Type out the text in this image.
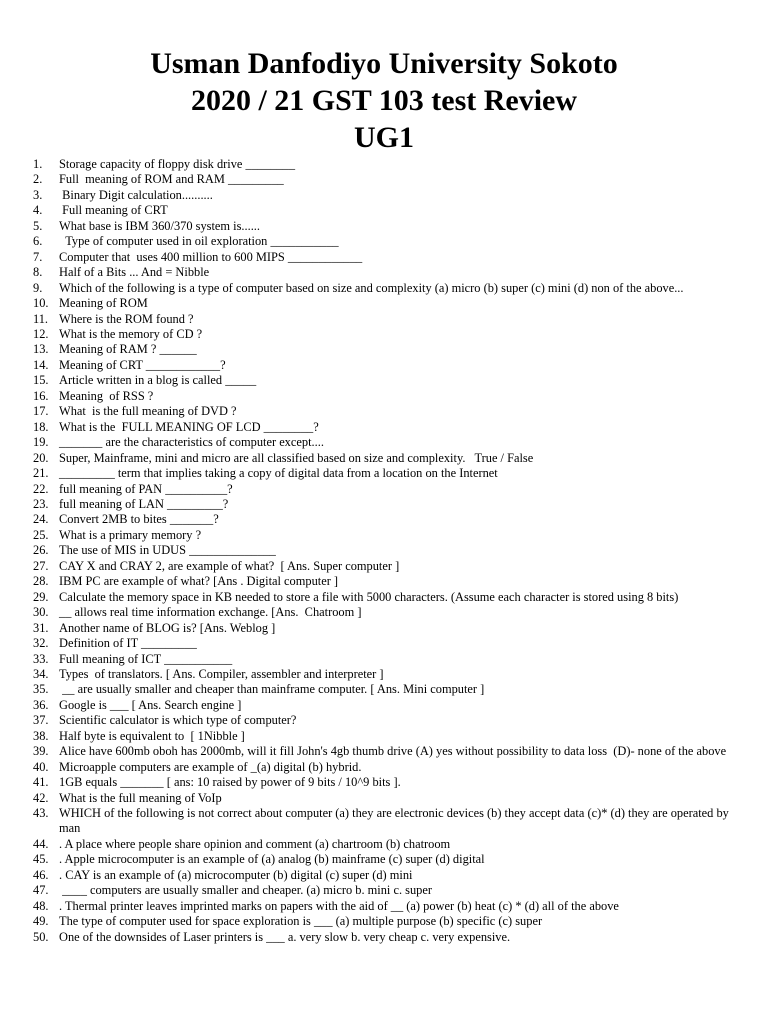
Usman Danfodiyo University Sokoto
2020 / 21 GST 103 test Review
UG1
1.	Storage capacity of floppy disk drive ________
2.	Full  meaning of ROM and RAM _________
3.	Binary Digit calculation..........
4.	Full meaning of CRT
5.	What base is IBM 360/370 system is......
6.	Type of computer used in oil exploration ___________
7.	Computer that  uses 400 million to 600 MIPS ____________
8.	Half of a Bits ... And = Nibble
9.	Which of the following is a type of computer based on size and complexity (a) micro (b) super (c) mini (d) non of the above...
10. Meaning of ROM
11. Where is the ROM found ?
12. What is the memory of CD ?
13. Meaning of RAM ? ______
14. Meaning of CRT ____________?
15. Article written in a blog is called _____
16. Meaning  of RSS ?
17. What  is the full meaning of DVD ?
18. What is the  FULL MEANING OF LCD ________?
19. _______ are the characteristics of computer except....
20. Super, Mainframe, mini and micro are all classified based on size and complexity.   True / False
21. _________ term that implies taking a copy of digital data from a location on the Internet
22. full meaning of PAN __________?
23. full meaning of LAN _________?
24. Convert 2MB to bites _______?
25. What is a primary memory ?
26. The use of MIS in UDUS ______________
27. CAY X and CRAY 2, are example of what?  [ Ans. Super computer ]
28. IBM PC are example of what? [Ans . Digital computer ]
29. Calculate the memory space in KB needed to store a file with 5000 characters. (Assume each character is stored using 8 bits)
30. __ allows real time information exchange. [Ans.  Chatroom ]
31. Another name of BLOG is? [Ans. Weblog ]
32. Definition of IT _________
33. Full meaning of ICT ___________
34. Types  of translators. [ Ans. Compiler, assembler and interpreter ]
35. __ are usually smaller and cheaper than mainframe computer. [ Ans. Mini computer ]
36. Google is ___ [ Ans. Search engine ]
37. Scientific calculator is which type of computer?
38. Half byte is equivalent to  [ 1Nibble ]
39. Alice have 600mb oboh has 2000mb, will it fill John's 4gb thumb drive (A) yes without possibility to data loss  (D)- none of the above
40. Microapple computers are example of _(a) digital (b) hybrid.
41. 1GB equals _______ [ ans: 10 raised by power of 9 bits / 10^9 bits ].
42. What is the full meaning of VoIp
43. WHICH of the following is not correct about computer (a) they are electronic devices (b) they accept data (c)* (d) they are operated by man
44. . A place where people share opinion and comment (a) chartroom (b) chatroom
45. . Apple microcomputer is an example of (a) analog (b) mainframe (c) super (d) digital
46. . CAY is an example of (a) microcomputer (b) digital (c) super (d) mini
47. ____ computers are usually smaller and cheaper. (a) micro b. mini c. super
48. . Thermal printer leaves imprinted marks on papers with the aid of __ (a) power (b) heat (c) * (d) all of the above
49. The type of computer used for space exploration is ___ (a) multiple purpose (b) specific (c) super
50. One of the downsides of Laser printers is ___ a. very slow b. very cheap c. very expensive.
